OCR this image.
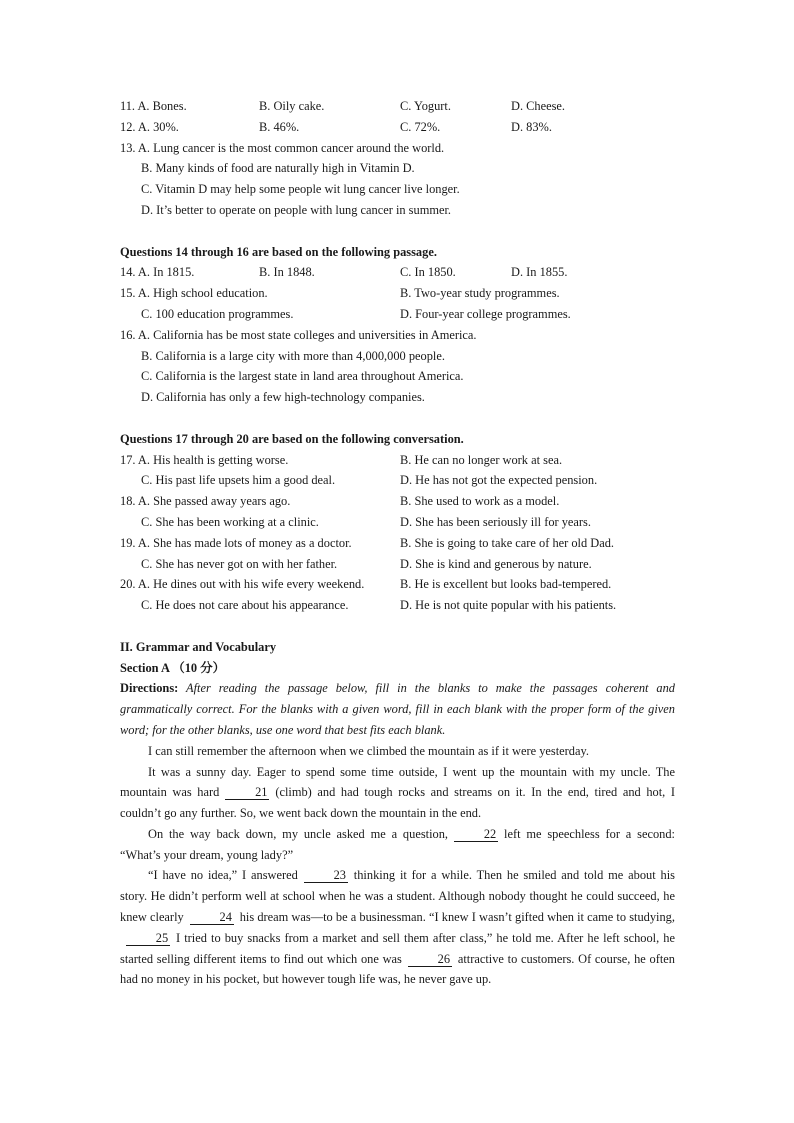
11. A. Bones.	B. Oily cake.	C. Yogurt.	D. Cheese.
12. A. 30%.	B. 46%.	C. 72%.	D. 83%.
13. A. Lung cancer is the most common cancer around the world.
B. Many kinds of food are naturally high in Vitamin D.
C. Vitamin D may help some people wit lung cancer live longer.
D. It’s better to operate on people with lung cancer in summer.
Questions 14 through 16 are based on the following passage.
14. A. In 1815.	B. In 1848.	C. In 1850.	D. In 1855.
15. A. High school education.	B. Two-year study programmes.
C. 100 education programmes.	D. Four-year college programmes.
16. A. California has be most state colleges and universities in America.
B. California is a large city with more than 4,000,000 people.
C. California is the largest state in land area throughout America.
D. California has only a few high-technology companies.
Questions 17 through 20 are based on the following conversation.
17. A. His health is getting worse.	B. He can no longer work at sea.
C. His past life upsets him a good deal.	D. He has not got the expected pension.
18. A. She passed away years ago.	B. She used to work as a model.
C. She has been working at a clinic.	D. She has been seriously ill for years.
19. A. She has made lots of money as a doctor.	B. She is going to take care of her old Dad.
C. She has never got on with her father.	D. She is kind and generous by nature.
20. A. He dines out with his wife every weekend.	B. He is excellent but looks bad-tempered.
C. He does not care about his appearance.	D. He is not quite popular with his patients.
II. Grammar and Vocabulary
Section A （10 分）
Directions: After reading the passage below, fill in the blanks to make the passages coherent and grammatically correct. For the blanks with a given word, fill in each blank with the proper form of the given word; for the other blanks, use one word that best fits each blank.

I can still remember the afternoon when we climbed the mountain as if it were yesterday.

It was a sunny day. Eager to spend some time outside, I went up the mountain with my uncle. The mountain was hard	21 (climb) and had tough rocks and streams on it. In the end, tired and hot, I couldn’t go any further. So, we went back down the mountain in the end.

On the way back down, my uncle asked me a question,	22 left me speechless for a second: “What’s your dream, young lady?”

“I have no idea,” I answered	23 thinking it for a while. Then he smiled and told me about his story. He didn’t perform well at school when he was a student. Although nobody thought he could succeed, he knew clearly	24 his dream was—to be a businessman. “I knew I wasn’t gifted when it came to studying,25 I tried to buy snacks from a market and sell them after class,” he told me. After he left school, he started selling different items to find out which one was	26 attractive to customers. Of course, he often had no money in his pocket, but however tough life was, he never gave up.
